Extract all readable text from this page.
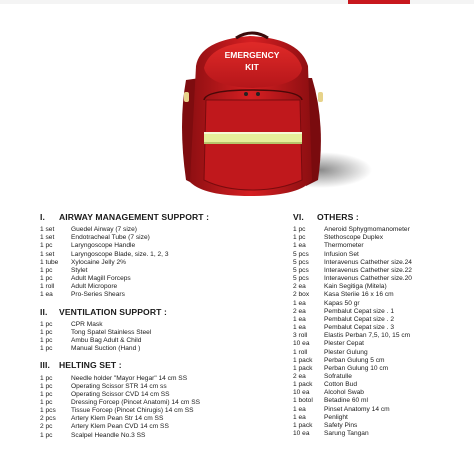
EMERGENCY
KIT
I.	AIRWAY MANAGEMENT SUPPORT :
1 set	Guedel Airway (7 size)
1 set	Endotracheal Tube (7 size)
1 pc	Laryngoscope Handle
1 set	Laryngoscope Blade, size. 1, 2, 3
1 tube	Xylocaine Jelly 2%
1 pc	Stylet
1 pc	Adult Magill Forceps
1 roll	Adult Micropore
1 ea	Pro-Series Shears
II.	VENTILATION SUPPORT :
1 pc	CPR Mask
1 pc	Tong Spatel Stainless Steel
1 pc	Ambu Bag Adult & Child
1 pc	Manual Suction (Hand )
III.	HELTING SET :
1 pc	Needle holder "Mayor Hegar" 14 cm SS
1 pc	Operating Scissor STR 14 cm ss
1 pc	Operating Scissor CVD 14 cm SS
1 pc	Dressing Forcep (Pincet Anatomi) 14 cm SS
1 pcs	Tissue Forcep (Pincet Chirugis) 14 cm SS
2 pcs	Artery Klem Pean Str 14 cm SS
2 pc	Artery Klem Pean CVD 14 cm SS
1 pc	Scalpel Heandle No.3 SS
VI.	OTHERS :
1 pc	Aneroid Sphygmomanometer
1 pc	Stethoscope Duplex
1 ea	Thermometer
5 pcs	Infusion Set
5 pcs	Interavenus Cathether size.24
5 pcs	Interavenus Cathether size.22
5 pcs	Interavenus Cathether size.20
2 ea	Kain Segitiga (Mitela)
2 box	Kasa Steriie 16 x 16 cm
1 ea	Kapas 50 gr
2 ea	Pembalut Cepat size . 1
1 ea	Pembalut Cepat size . 2
1 ea	Pembalut Cepat size . 3
3 roll	Elastis Perban 7,5, 10, 15 cm
10 ea	Plester Cepat
1 roll	Plester Gulung
1 pack	Perban Gulung 5 cm
1 pack	Perban Gulung 10 cm
2 ea	Sofratulle
1 pack	Cotton Bud
10 ea	Alcohol Swab
1 botol	Betadine 60 ml
1 ea	Pinset Anatomy 14 cm
1 ea	Penlight
1 pack	Safety Pins
10 ea	Sarung Tangan
